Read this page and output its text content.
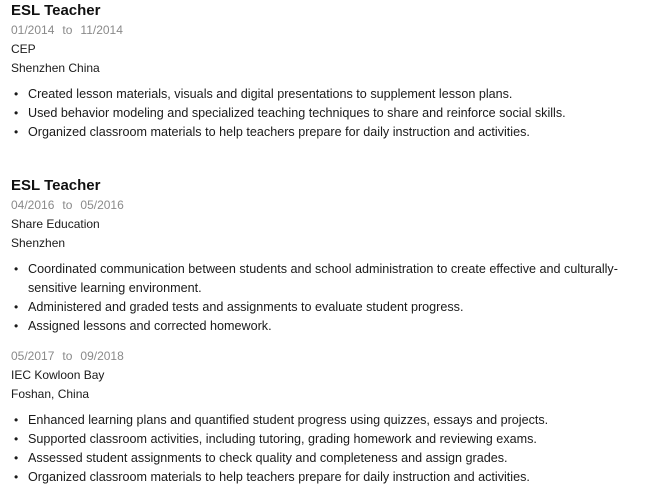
ESL Teacher
01/2014 to 11/2014
CEP
Shenzhen China
• Created lesson materials, visuals and digital presentations to supplement lesson plans.
• Used behavior modeling and specialized teaching techniques to share and reinforce social skills.
• Organized classroom materials to help teachers prepare for daily instruction and activities.
ESL Teacher
04/2016 to 05/2016
Share Education
Shenzhen
• Coordinated communication between students and school administration to create effective and culturally-sensitive learning environment.
• Administered and graded tests and assignments to evaluate student progress.
• Assigned lessons and corrected homework.
05/2017 to 09/2018
IEC Kowloon Bay
Foshan, China
• Enhanced learning plans and quantified student progress using quizzes, essays and projects.
• Supported classroom activities, including tutoring, grading homework and reviewing exams.
• Assessed student assignments to check quality and completeness and assign grades.
• Organized classroom materials to help teachers prepare for daily instruction and activities.
